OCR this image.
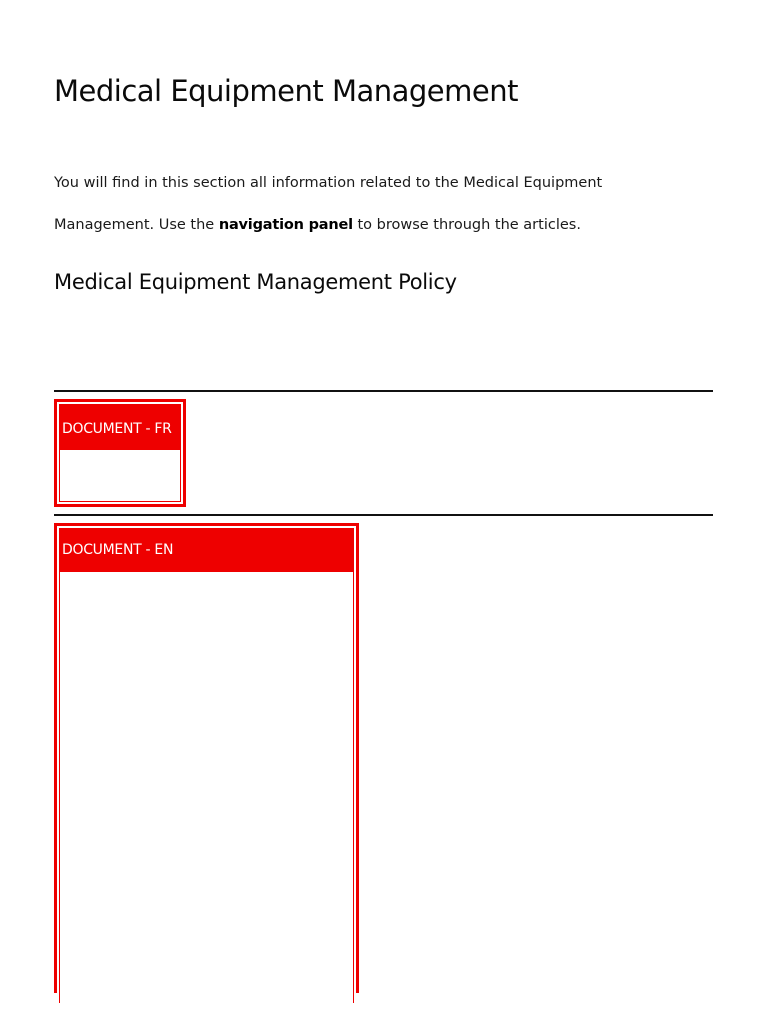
Medical Equipment Management

You will find in this section all information related to the Medical Equipment Management. Use the navigation panel to browse through the articles.

Medical Equipment Management Policy
DOCUMENT - FR
DOCUMENT - EN
